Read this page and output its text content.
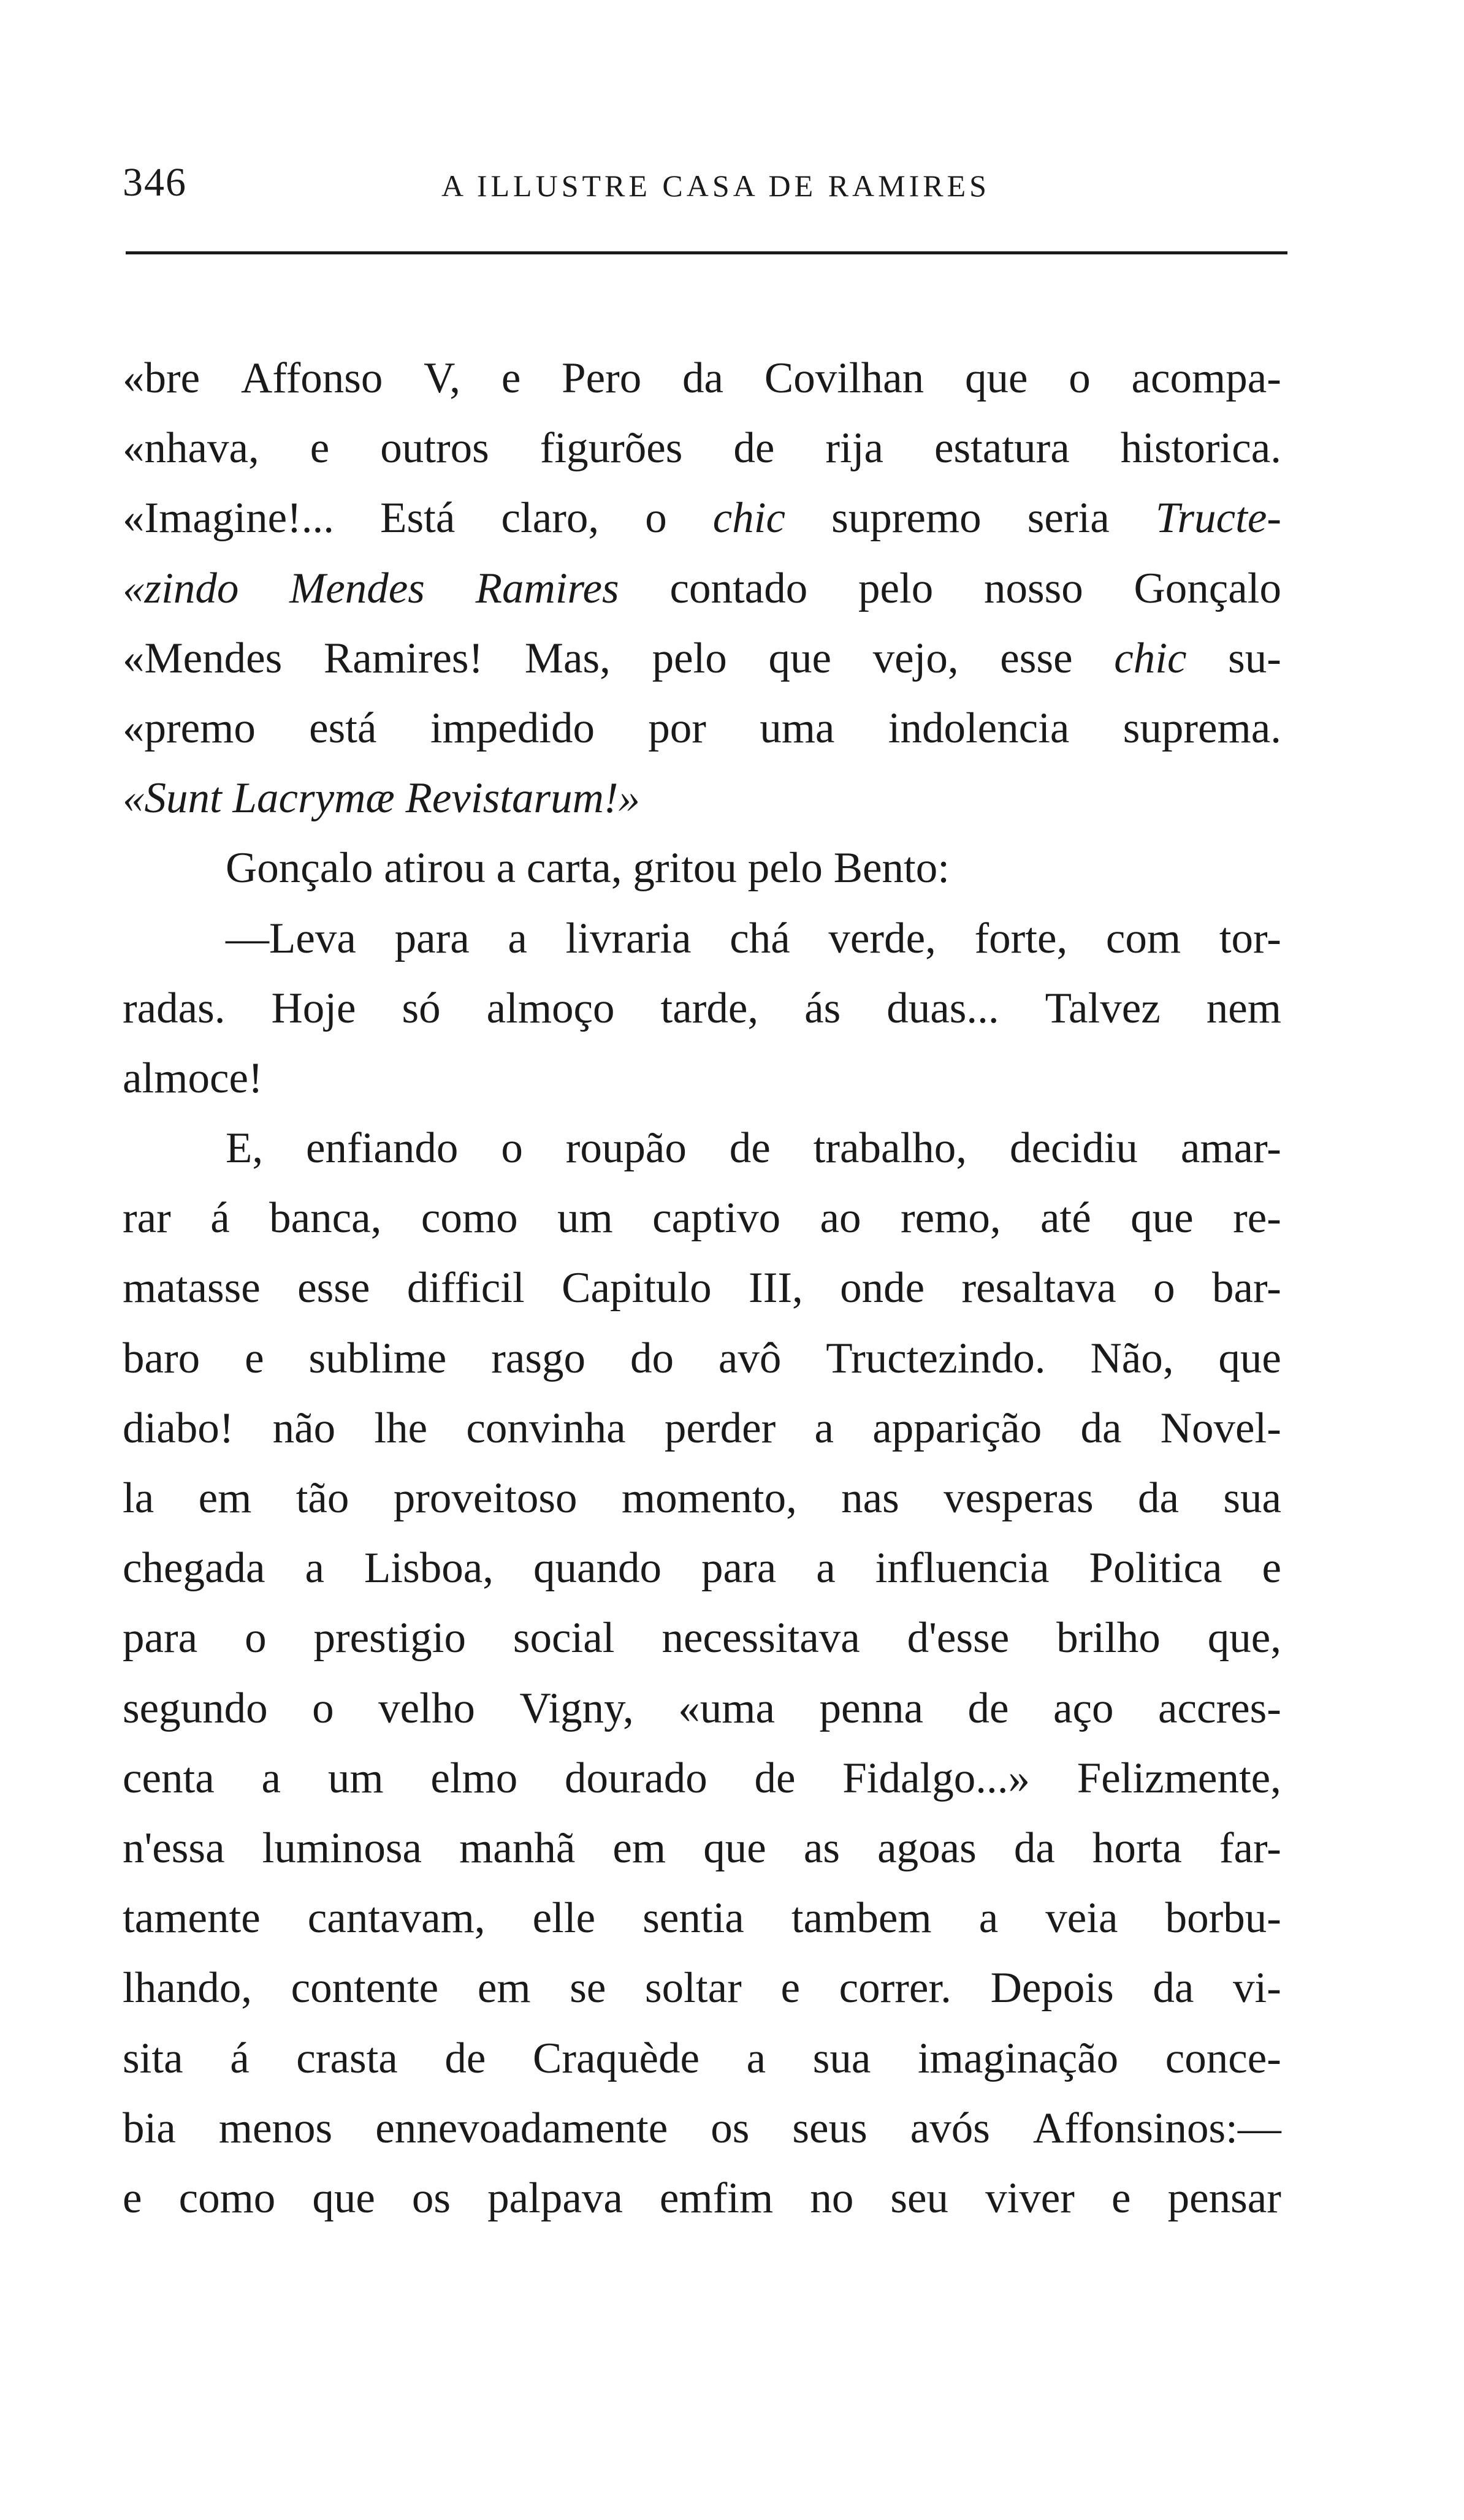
346	A ILLUSTRE CASA DE RAMIRES
«bre Affonso V, e Pero da Covilhan que o acompa-
«nhava, e outros figurões de rija estatura historica.
«Imagine!... Está claro, o chic supremo seria Tructe-
«zindo Mendes Ramires contado pelo nosso Gonçalo
«Mendes Ramires! Mas, pelo que vejo, esse chic su-
«premo está impedido por uma indolencia suprema.
«Sunt Lacrymæ Revistarum!»
Gonçalo atirou a carta, gritou pelo Bento:
—Leva para a livraria chá verde, forte, com tor-
radas. Hoje só almoço tarde, ás duas... Talvez nem
almoce!
E, enfiando o roupão de trabalho, decidiu amar-
rar á banca, como um captivo ao remo, até que re-
matasse esse difficil Capitulo III, onde resaltava o bar-
baro e sublime rasgo do avô Tructezindo. Não, que
diabo! não lhe convinha perder a apparição da Novel-
la em tão proveitoso momento, nas vesperas da sua
chegada a Lisboa, quando para a influencia Politica e
para o prestigio social necessitava d'esse brilho que,
segundo o velho Vigny, «uma penna de aço accres-
centa a um elmo dourado de Fidalgo...» Felizmente,
n'essa luminosa manhã em que as agoas da horta far-
tamente cantavam, elle sentia tambem a veia borbu-
lhando, contente em se soltar e correr. Depois da vi-
sita á crasta de Craquède a sua imaginação conce-
bia menos ennevoadamente os seus avós Affonsinos:—
e como que os palpava emfim no seu viver e pensar
